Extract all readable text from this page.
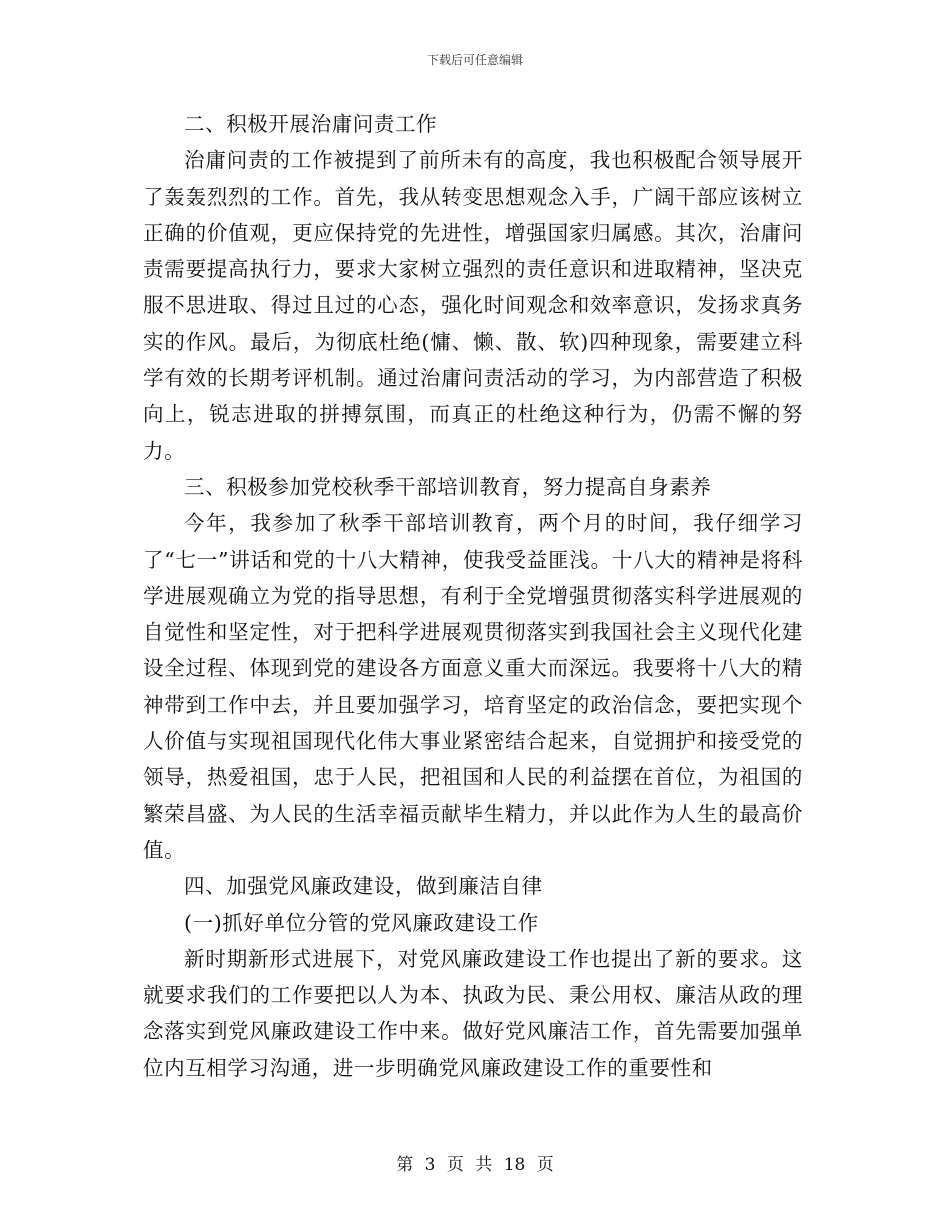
下载后可任意编辑

二、积极开展治庸问责工作

治庸问责的工作被提到了前所未有的高度，我也积极配合领导展开了轰轰烈烈的工作。首先，我从转变思想观念入手，广阔干部应该树立正确的价值观，更应保持党的先进性，增强国家归属感。其次，治庸问责需要提高执行力，要求大家树立强烈的责任意识和进取精神，坚决克服不思进取、得过且过的心态，强化时间观念和效率意识，发扬求真务实的作风。最后，为彻底杜绝(慵、懒、散、软)四种现象，需要建立科学有效的长期考评机制。通过治庸问责活动的学习，为内部营造了积极向上，锐志进取的拼搏氛围，而真正的杜绝这种行为，仍需不懈的努力。

三、积极参加党校秋季干部培训教育，努力提高自身素养

今年，我参加了秋季干部培训教育，两个月的时间，我仔细学习了“七一”讲话和党的十八大精神，使我受益匪浅。十八大的精神是将科学进展观确立为党的指导思想，有利于全党增强贯彻落实科学进展观的自觉性和坚定性，对于把科学进展观贯彻落实到我国社会主义现代化建设全过程、体现到党的建设各方面意义重大而深远。我要将十八大的精神带到工作中去，并且要加强学习，培育坚定的政治信念，要把实现个人价值与实现祖国现代化伟大事业紧密结合起来，自觉拥护和接受党的领导，热爱祖国，忠于人民，把祖国和人民的利益摆在首位，为祖国的繁荣昌盛、为人民的生活幸福贡献毕生精力，并以此作为人生的最高价值。

四、加强党风廉政建设，做到廉洁自律

(一)抓好单位分管的党风廉政建设工作

新时期新形式进展下，对党风廉政建设工作也提出了新的要求。这就要求我们的工作要把以人为本、执政为民、秉公用权、廉洁从政的理念落实到党风廉政建设工作中来。做好党风廉洁工作，首先需要加强单位内互相学习沟通，进一步明确党风廉政建设工作的重要性和

第 3 页 共 18 页
